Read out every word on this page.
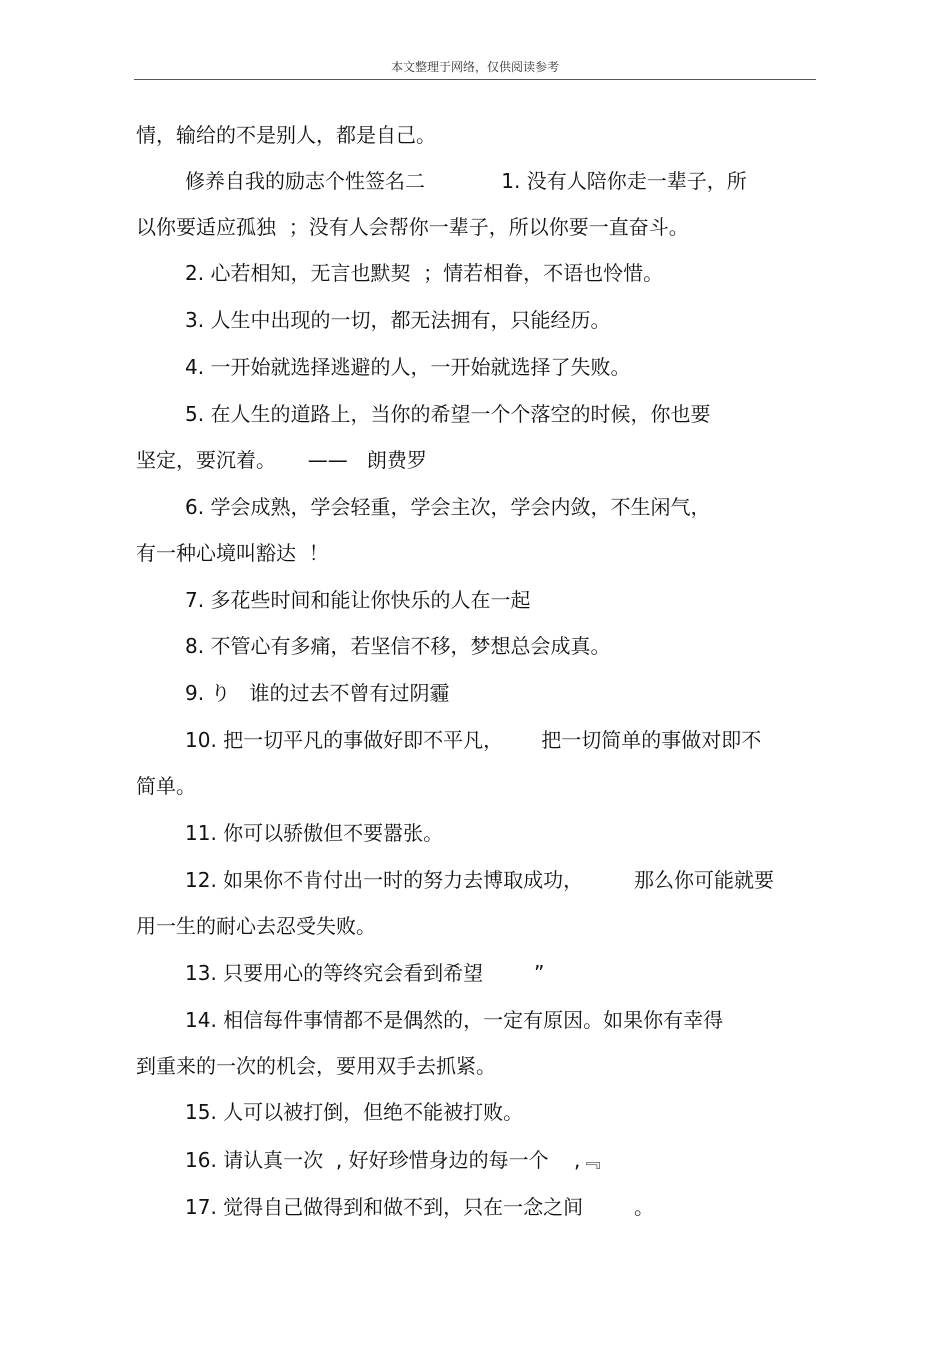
本文整理于网络，仅供阅读参考
情，输给的不是别人，都是自己。
修养自我的励志个性签名二            1. 没有人陪你走一辈子，所
以你要适应孤独  ；没有人会帮你一辈子，所以你要一直奋斗。
2. 心若相知，无言也默契  ；情若相眷，不语也怜惜。
3. 人生中出现的一切，都无法拥有，只能经历。
4. 一开始就选择逃避的人，一开始就选择了失败。
5. 在人生的道路上，当你的希望一个个落空的时候，你也要
坚定，要沉着。     ——   朗费罗
6. 学会成熟，学会轻重，学会主次，学会内敛，不生闲气，
有一种心境叫豁达  ！
7. 多花些时间和能让你快乐的人在一起
8. 不管心有多痛，若坚信不移，梦想总会成真。
9. り   谁的过去不曾有过阴霾
10. 把一切平凡的事做好即不平凡，      把一切简单的事做对即不
简单。
11. 你可以骄傲但不要嚣张。
12. 如果你不肯付出一时的努力去博取成功，        那么你可能就要
用一生的耐心去忍受失败。
13. 只要用心的等终究会看到希望        ”
14. 相信每件事情都不是偶然的，一定有原因。如果你有幸得
到重来的一次的机会，要用双手去抓紧。
15. 人可以被打倒，但绝不能被打败。
16. 请认真一次  , 好好珍惜身边的每一个    ,﹃
17. 觉得自己做得到和做不到，只在一念之间        。
